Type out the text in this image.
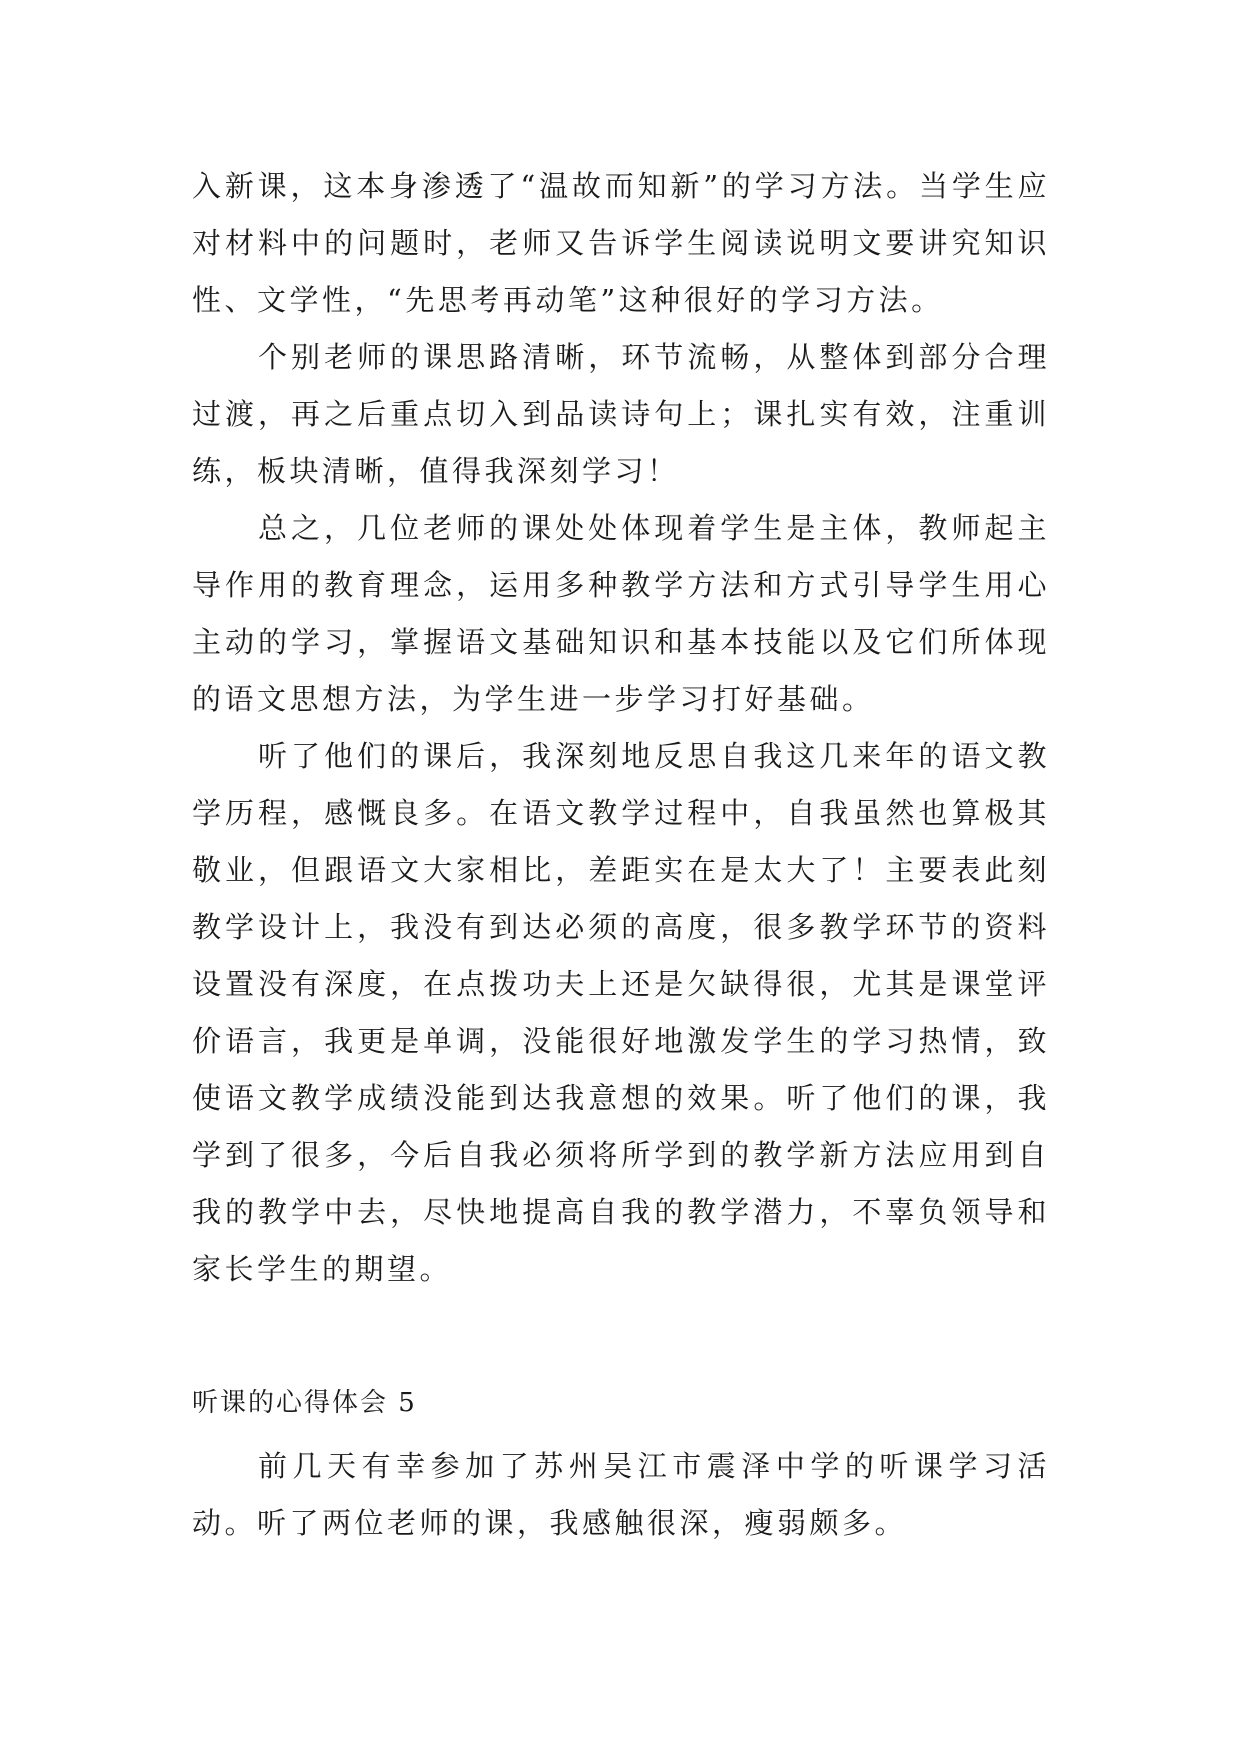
入新课，这本身渗透了“温故而知新”的学习方法。当学生应对材料中的问题时，老师又告诉学生阅读说明文要讲究知识性、文学性，“先思考再动笔”这种很好的学习方法。

个别老师的课思路清晰，环节流畅，从整体到部分合理过渡，再之后重点切入到品读诗句上；课扎实有效，注重训练，板块清晰，值得我深刻学习！

总之，几位老师的课处处体现着学生是主体，教师起主导作用的教育理念，运用多种教学方法和方式引导学生用心主动的学习，掌握语文基础知识和基本技能以及它们所体现的语文思想方法，为学生进一步学习打好基础。

听了他们的课后，我深刻地反思自我这几来年的语文教学历程，感慨良多。在语文教学过程中，自我虽然也算极其敬业，但跟语文大家相比，差距实在是太大了！主要表此刻教学设计上，我没有到达必须的高度，很多教学环节的资料设置没有深度，在点拨功夫上还是欠缺得很，尤其是课堂评价语言，我更是单调，没能很好地激发学生的学习热情，致使语文教学成绩没能到达我意想的效果。听了他们的课，我学到了很多，今后自我必须将所学到的教学新方法应用到自我的教学中去，尽快地提高自我的教学潜力，不辜负领导和家长学生的期望。

听课的心得体会 5

前几天有幸参加了苏州吴江市震泽中学的听课学习活动。听了两位老师的课，我感触很深，瘦弱颇多。
